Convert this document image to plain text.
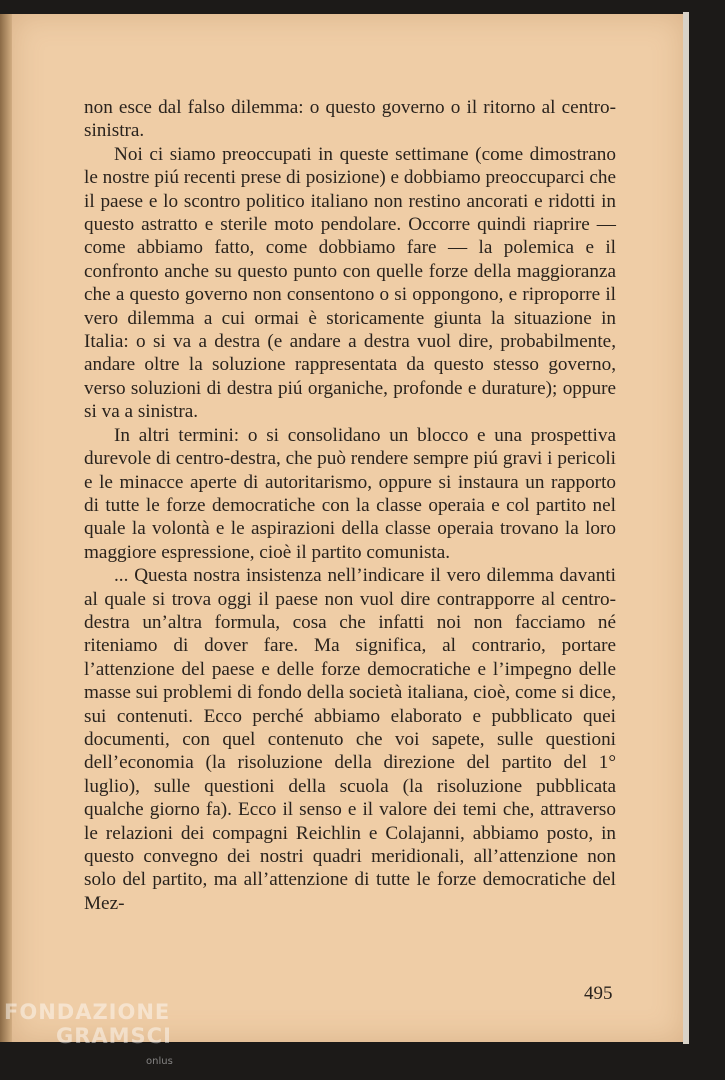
non esce dal falso dilemma: o questo governo o il ritorno al centro-sinistra.

Noi ci siamo preoccupati in queste settimane (come dimostrano le nostre piú recenti prese di posizione) e dobbiamo preoccuparci che il paese e lo scontro politico italiano non restino ancorati e ridotti in questo astratto e sterile moto pendolare. Occorre quindi riaprire — come abbiamo fatto, come dobbiamo fare — la polemica e il confronto anche su questo punto con quelle forze della maggioranza che a questo governo non consentono o si oppongono, e riproporre il vero dilemma a cui ormai è storicamente giunta la situazione in Italia: o si va a destra (e andare a destra vuol dire, probabilmente, andare oltre la soluzione rappresentata da questo stesso governo, verso soluzioni di destra piú organiche, profonde e durature); oppure si va a sinistra.

In altri termini: o si consolidano un blocco e una prospettiva durevole di centro-destra, che può rendere sempre piú gravi i pericoli e le minacce aperte di autoritarismo, oppure si instaura un rapporto di tutte le forze democratiche con la classe operaia e col partito nel quale la volontà e le aspirazioni della classe operaia trovano la loro maggiore espressione, cioè il partito comunista.

... Questa nostra insistenza nell’indicare il vero dilemma davanti al quale si trova oggi il paese non vuol dire contrapporre al centro-destra un’altra formula, cosa che infatti noi non facciamo né riteniamo di dover fare. Ma significa, al contrario, portare l’attenzione del paese e delle forze democratiche e l’impegno delle masse sui problemi di fondo della società italiana, cioè, come si dice, sui contenuti. Ecco perché abbiamo elaborato e pubblicato quei documenti, con quel contenuto che voi sapete, sulle questioni dell’economia (la risoluzione della direzione del partito del 1° luglio), sulle questioni della scuola (la risoluzione pubblicata qualche giorno fa). Ecco il senso e il valore dei temi che, attraverso le relazioni dei compagni Reichlin e Colajanni, abbiamo posto, in questo convegno dei nostri quadri meridionali, all’attenzione non solo del partito, ma all’attenzione di tutte le forze democratiche del Mez-

495
FONDAZIONE
GRAMSCI
onlus
